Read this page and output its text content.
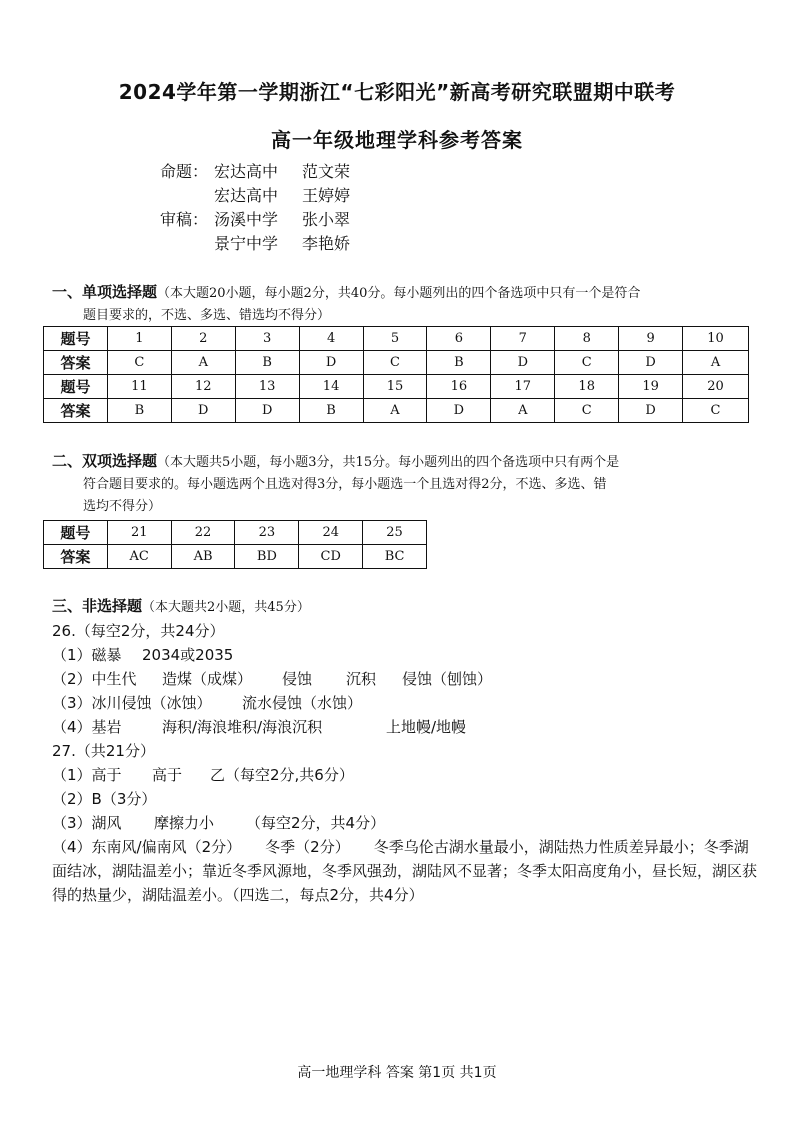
2024学年第一学期浙江“七彩阳光”新高考研究联盟期中联考
高一年级地理学科参考答案
命题： 宏达高中 范文荣
宏达高中 王婷婷
审稿： 汤溪中学 张小翠
景宁中学 李艳娇
一、单项选择题（本大题20小题，每小题2分，共40分。每小题列出的四个备选项中只有一个是符合
题目要求的，不选、多选、错选均不得分）
题号	1	2	3	4	5	6	7	8	9	10
答案	C	A	B	D	C	B	D	C	D	A
题号	11	12	13	14	15	16	17	18	19	20
答案	B	D	D	B	A	D	A	C	D	C
二、双项选择题（本大题共5小题，每小题3分，共15分。每小题列出的四个备选项中只有两个是
符合题目要求的。每小题选两个且选对得3分，每小题选一个且选对得2分，不选、多选、错
选均不得分）
题号	21	22	23	24	25
答案	AC	AB	BD	CD	BC
三、非选择题（本大题共2小题，共45分）
26.（每空2分，共24分）
（1）磁暴 2034或2035
（2）中生代 造煤（成煤） 侵蚀 沉积 侵蚀（刨蚀）
（3）冰川侵蚀（冰蚀） 流水侵蚀（水蚀）
（4）基岩	海积/海浪堆积/海浪沉积	上地幔/地幔
27.（共21分）
（1）高于 高于 乙（每空2分,共6分）
（2）B（3分）
（3）湖风 摩擦力小 （每空2分，共4分）
（4）东南风/偏南风（2分） 冬季（2分） 冬季乌伦古湖水量最小，湖陆热力性质差异最小；冬季湖面结冰，湖陆温差小；靠近冬季风源地，冬季风强劲，湖陆风不显著；冬季太阳高度角小，昼长短，湖区获得的热量少，湖陆温差小。（四选二，每点2分，共4分）
高一地理学科 答案 第1页 共1页
